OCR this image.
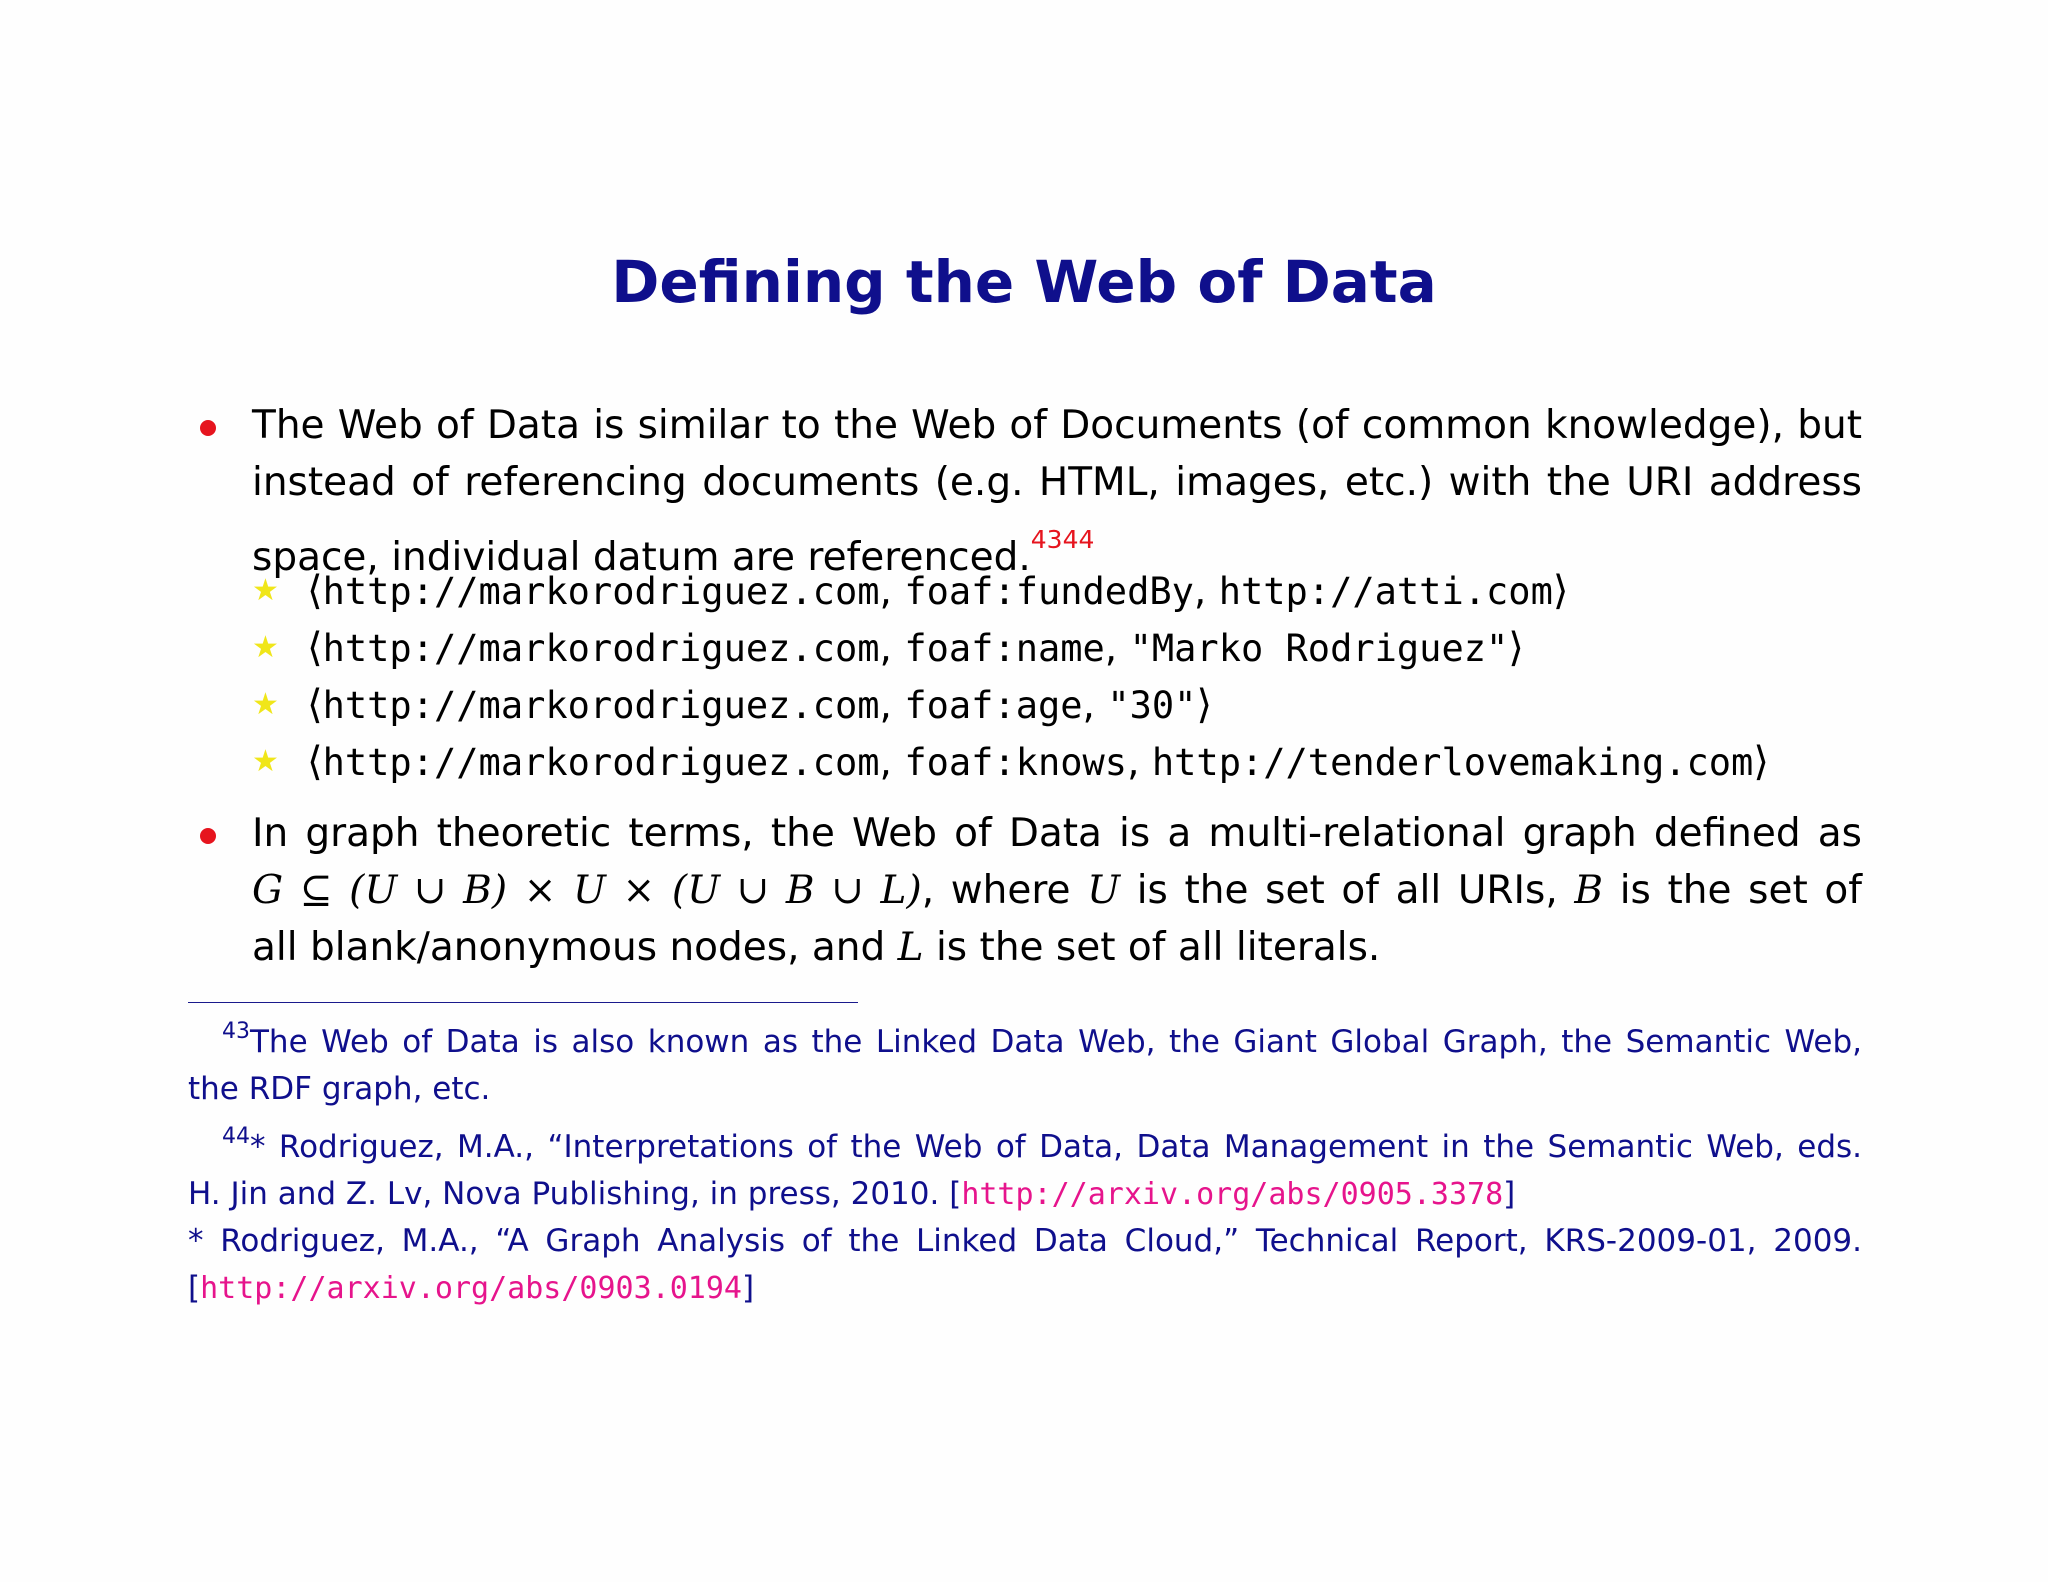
Defining the Web of Data
The Web of Data is similar to the Web of Documents (of common knowledge), but
instead of referencing documents (e.g. HTML, images, etc.) with the URI address
space, individual datum are referenced.$^{4344}$
★ ⟨http://markorodriguez.com, foaf:fundedBy, http://atti.com⟩
★ ⟨http://markorodriguez.com, foaf:name, "Marko Rodriguez"⟩
★ ⟨http://markorodriguez.com, foaf:age, "30"⟩
★ ⟨http://markorodriguez.com, foaf:knows, http://tenderlovemaking.com⟩
In graph theoretic terms, the Web of Data is a multi-relational graph defined as
G ⊆ (U ∪ B) × U × (U ∪ B ∪ L), where U is the set of all URIs, B is the set of
all blank/anonymous nodes, and L is the set of all literals.
$^{43}$The Web of Data is also known as the Linked Data Web, the Giant Global Graph, the Semantic Web,
the RDF graph, etc.
$^{44}$* Rodriguez, M.A., “Interpretations of the Web of Data, Data Management in the Semantic Web, eds.
H. Jin and Z. Lv, Nova Publishing, in press, 2010. [http://arxiv.org/abs/0905.3378]
* Rodriguez, M.A., “A Graph Analysis of the Linked Data Cloud,” Technical Report, KRS-2009-01, 2009.
[http://arxiv.org/abs/0903.0194]
